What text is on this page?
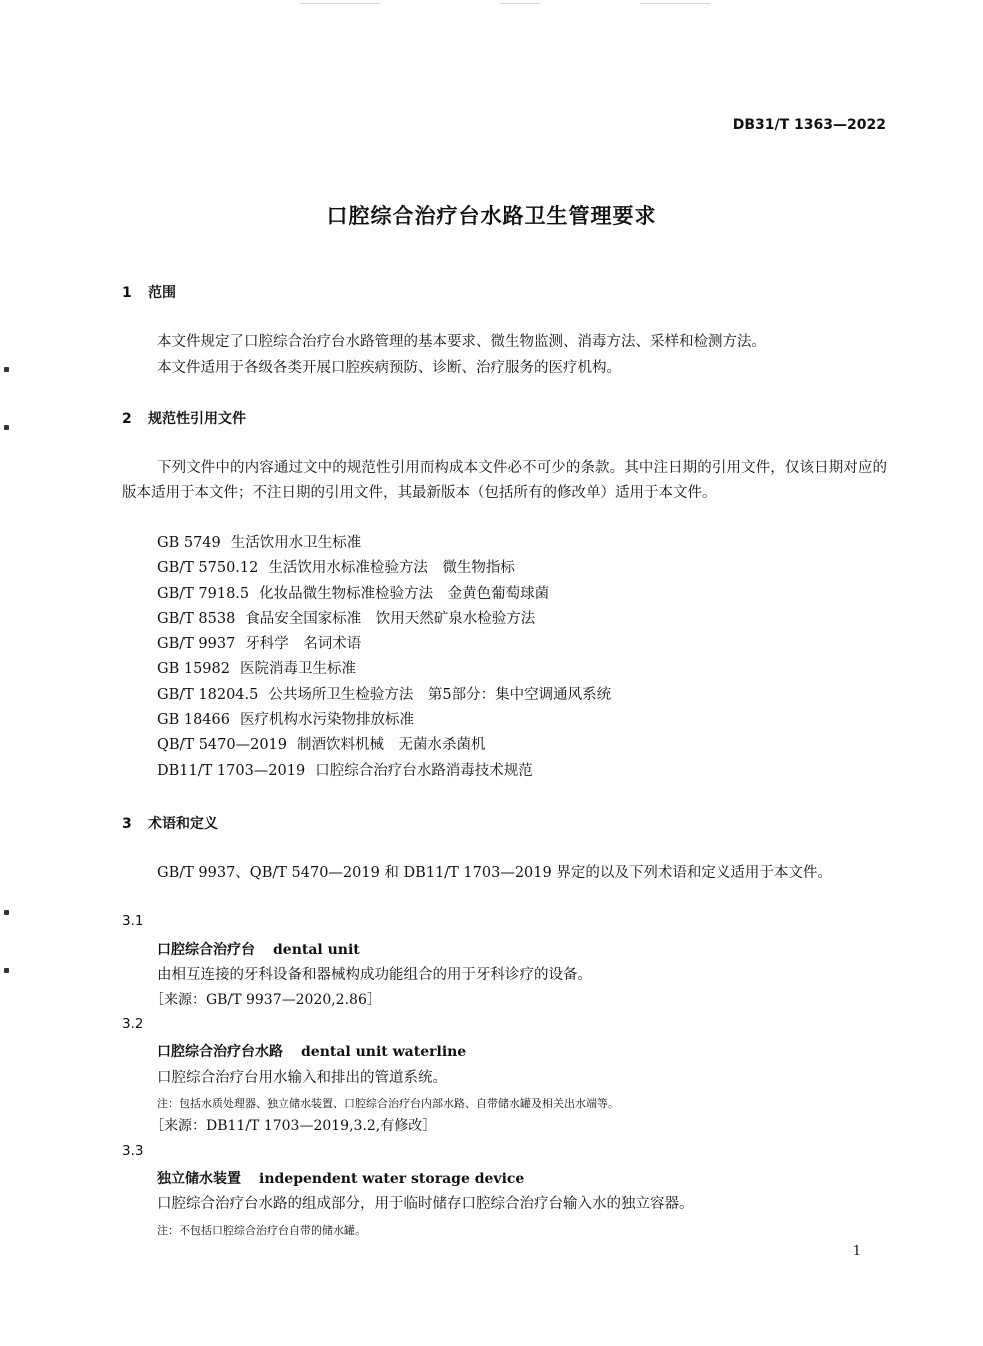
DB31/T 1363—2022
口腔综合治疗台水路卫生管理要求
1 范围
本文件规定了口腔综合治疗台水路管理的基本要求、微生物监测、消毒方法、采样和检测方法。
本文件适用于各级各类开展口腔疾病预防、诊断、治疗服务的医疗机构。
2 规范性引用文件
下列文件中的内容通过文中的规范性引用而构成本文件必不可少的条款。其中注日期的引用文件，仅该日期对应的版本适用于本文件；不注日期的引用文件，其最新版本（包括所有的修改单）适用于本文件。
GB 5749 生活饮用水卫生标准
GB/T 5750.12 生活饮用水标准检验方法　微生物指标
GB/T 7918.5 化妆品微生物标准检验方法　金黄色葡萄球菌
GB/T 8538 食品安全国家标准　饮用天然矿泉水检验方法
GB/T 9937 牙科学　名词术语
GB 15982 医院消毒卫生标准
GB/T 18204.5 公共场所卫生检验方法　第5部分：集中空调通风系统
GB 18466 医疗机构水污染物排放标准
QB/T 5470—2019 制酒饮料机械　无菌水杀菌机
DB11/T 1703—2019 口腔综合治疗台水路消毒技术规范
3 术语和定义
GB/T 9937、QB/T 5470—2019 和 DB11/T 1703—2019 界定的以及下列术语和定义适用于本文件。
3.1
口腔综合治疗台 dental unit
由相互连接的牙科设备和器械构成功能组合的用于牙科诊疗的设备。
［来源：GB/T 9937—2020,2.86］
3.2
口腔综合治疗台水路 dental unit waterline
口腔综合治疗台用水输入和排出的管道系统。
注：包括水质处理器、独立储水装置、口腔综合治疗台内部水路、自带储水罐及相关出水端等。
［来源：DB11/T 1703—2019,3.2,有修改］
3.3
独立储水装置 independent water storage device
口腔综合治疗台水路的组成部分，用于临时储存口腔综合治疗台输入水的独立容器。
注：不包括口腔综合治疗台自带的储水罐。
1
